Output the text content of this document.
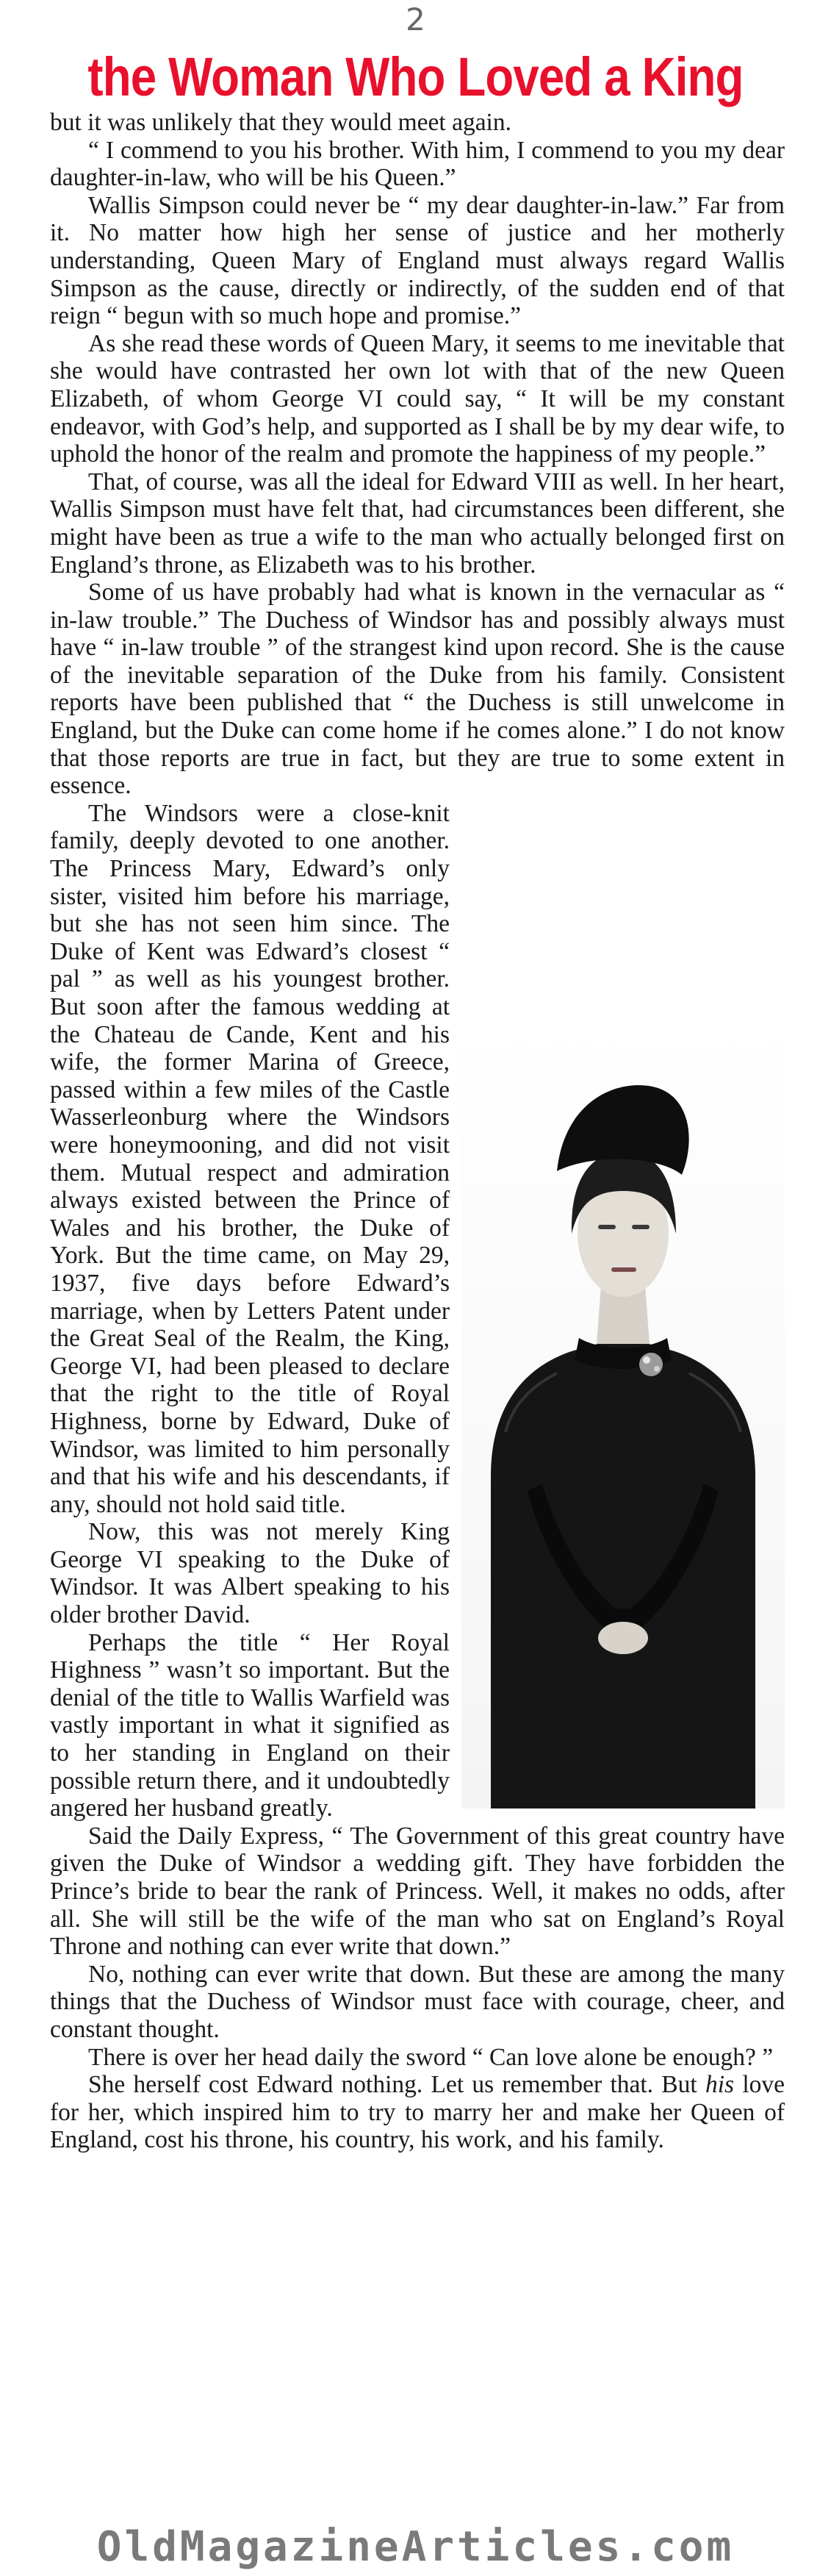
2
the Woman Who Loved a King

but it was unlikely that they would meet again.

“ I commend to you his brother. With him, I commend to you my dear daughter-in-law, who will be his Queen.”

Wallis Simpson could never be “ my dear daughter-in-law.” Far from it. No matter how high her sense of justice and her motherly understanding, Queen Mary of England must always regard Wallis Simpson as the cause, directly or indirectly, of the sudden end of that reign “ begun with so much hope and promise.”

As she read these words of Queen Mary, it seems to me inevitable that she would have contrasted her own lot with that of the new Queen Elizabeth, of whom George VI could say, “ It will be my constant endeavor, with God’s help, and supported as I shall be by my dear wife, to uphold the honor of the realm and promote the happiness of my people.”

That, of course, was all the ideal for Edward VIII as well. In her heart, Wallis Simpson must have felt that, had circumstances been different, she might have been as true a wife to the man who actually belonged first on England’s throne, as Elizabeth was to his brother.

Some of us have probably had what is known in the vernacular as “ in-law trouble.” The Duchess of Windsor has and possibly always must have “ in-law trouble ” of the strangest kind upon record. She is the cause of the inevitable separation of the Duke from his family. Consistent reports have been published that “ the Duchess is still unwelcome in England, but the Duke can come home if he comes alone.” I do not know that those reports are true in fact, but they are true to some extent in essence.

The Windsors were a close-knit family, deeply devoted to one another. The Princess Mary, Edward’s only sister, visited him before his marriage, but she has not seen him since. The Duke of Kent was Edward’s closest “ pal ” as well as his youngest brother. But soon after the famous wedding at the Chateau de Cande, Kent and his wife, the former Marina of Greece, passed within a few miles of the Castle Wasserleonburg where the Windsors were honeymooning, and did not visit them. Mutual respect and admiration always existed between the Prince of Wales and his brother, the Duke of York. But the time came, on May 29, 1937, five days before Edward’s marriage, when by Letters Patent under the Great Seal of the Realm, the King, George VI, had been pleased to declare that the right to the title of Royal Highness, borne by Edward, Duke of Windsor, was limited to him personally and that his wife and his descendants, if any, should not hold said title.

Now, this was not merely King George VI speaking to the Duke of Windsor. It was Albert speaking to his older brother David.

Perhaps the title “ Her Royal Highness ” wasn’t so important. But the denial of the title to Wallis Warfield was vastly important in what it signified as to her standing in England on their possible return there, and it undoubtedly angered her husband greatly.

Said the Daily Express, “ The Government of this great country have given the Duke of Windsor a wedding gift. They have forbidden the Prince’s bride to bear the rank of Princess. Well, it makes no odds, after all. She will still be the wife of the man who sat on England’s Royal Throne and nothing can ever write that down.”

No, nothing can ever write that down. But these are among the many things that the Duchess of Windsor must face with courage, cheer, and constant thought.

There is over her head daily the sword “ Can love alone be enough? ”

She herself cost Edward nothing. Let us remember that. But his love for her, which inspired him to try to marry her and make her Queen of England, cost his throne, his country, his work, and his family.

OldMagazineArticles.com
